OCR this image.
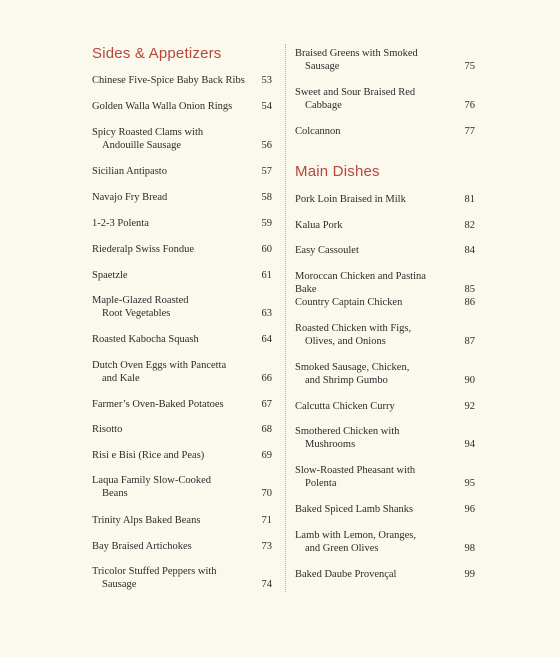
Sides & Appetizers
Chinese Five-Spice Baby Back Ribs 53
Golden Walla Walla Onion Rings	54
Spicy Roasted Clams with
Andouille Sausage	56
Sicilian Antipasto	57
Navajo Fry Bread	58
1-2-3 Polenta	59
Riederalp Swiss Fondue	60
Spaetzle	61
Maple-Glazed Roasted
Root Vegetables	63
Roasted Kabocha Squash	64
Dutch Oven Eggs with Pancetta
and Kale	66
Farmer’s Oven-Baked Potatoes	67
Risotto	68
Risi e Bisi (Rice and Peas)	69
Laqua Family Slow-Cooked
Beans	70
Trinity Alps Baked Beans	71
Bay Braised Artichokes	73
Tricolor Stuffed Peppers with
Sausage	74
Braised Greens with Smoked
Sausage	75
Sweet and Sour Braised Red
Cabbage	76
Colcannon	77
Main Dishes
Pork Loin Braised in Milk	81
Kalua Pork	82
Easy Cassoulet	84
Moroccan Chicken and Pastina Bake	85
Country Captain Chicken	86
Roasted Chicken with Figs,
Olives, and Onions	87
Smoked Sausage, Chicken,
and Shrimp Gumbo	90
Calcutta Chicken Curry	92
Smothered Chicken with
Mushrooms	94
Slow-Roasted Pheasant with
Polenta	95
Baked Spiced Lamb Shanks	96
Lamb with Lemon, Oranges,
and Green Olives	98
Baked Daube Provençal	99
